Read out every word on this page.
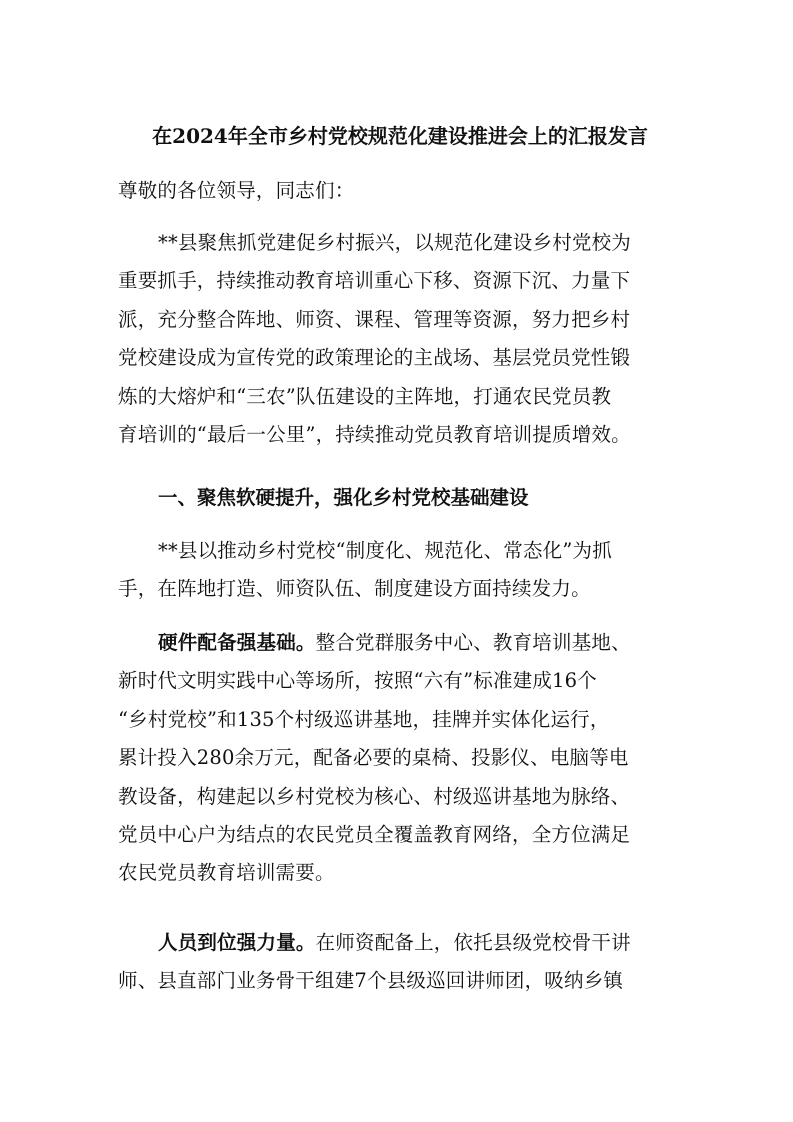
在2024年全市乡村党校规范化建设推进会上的汇报发言
尊敬的各位领导，同志们：
**县聚焦抓党建促乡村振兴，以规范化建设乡村党校为
重要抓手，持续推动教育培训重心下移、资源下沉、力量下
派，充分整合阵地、师资、课程、管理等资源，努力把乡村
党校建设成为宣传党的政策理论的主战场、基层党员党性锻
炼的大熔炉和“三农”队伍建设的主阵地，打通农民党员教
育培训的“最后一公里”，持续推动党员教育培训提质增效。
一、聚焦软硬提升，强化乡村党校基础建设
**县以推动乡村党校“制度化、规范化、常态化”为抓
手，在阵地打造、师资队伍、制度建设方面持续发力。
硬件配备强基础。整合党群服务中心、教育培训基地、
新时代文明实践中心等场所，按照“六有”标准建成16个
“乡村党校”和135个村级巡讲基地，挂牌并实体化运行，
累计投入280余万元，配备必要的桌椅、投影仪、电脑等电
教设备，构建起以乡村党校为核心、村级巡讲基地为脉络、
党员中心户为结点的农民党员全覆盖教育网络，全方位满足
农民党员教育培训需要。
人员到位强力量。在师资配备上，依托县级党校骨干讲
师、县直部门业务骨干组建7个县级巡回讲师团，吸纳乡镇
